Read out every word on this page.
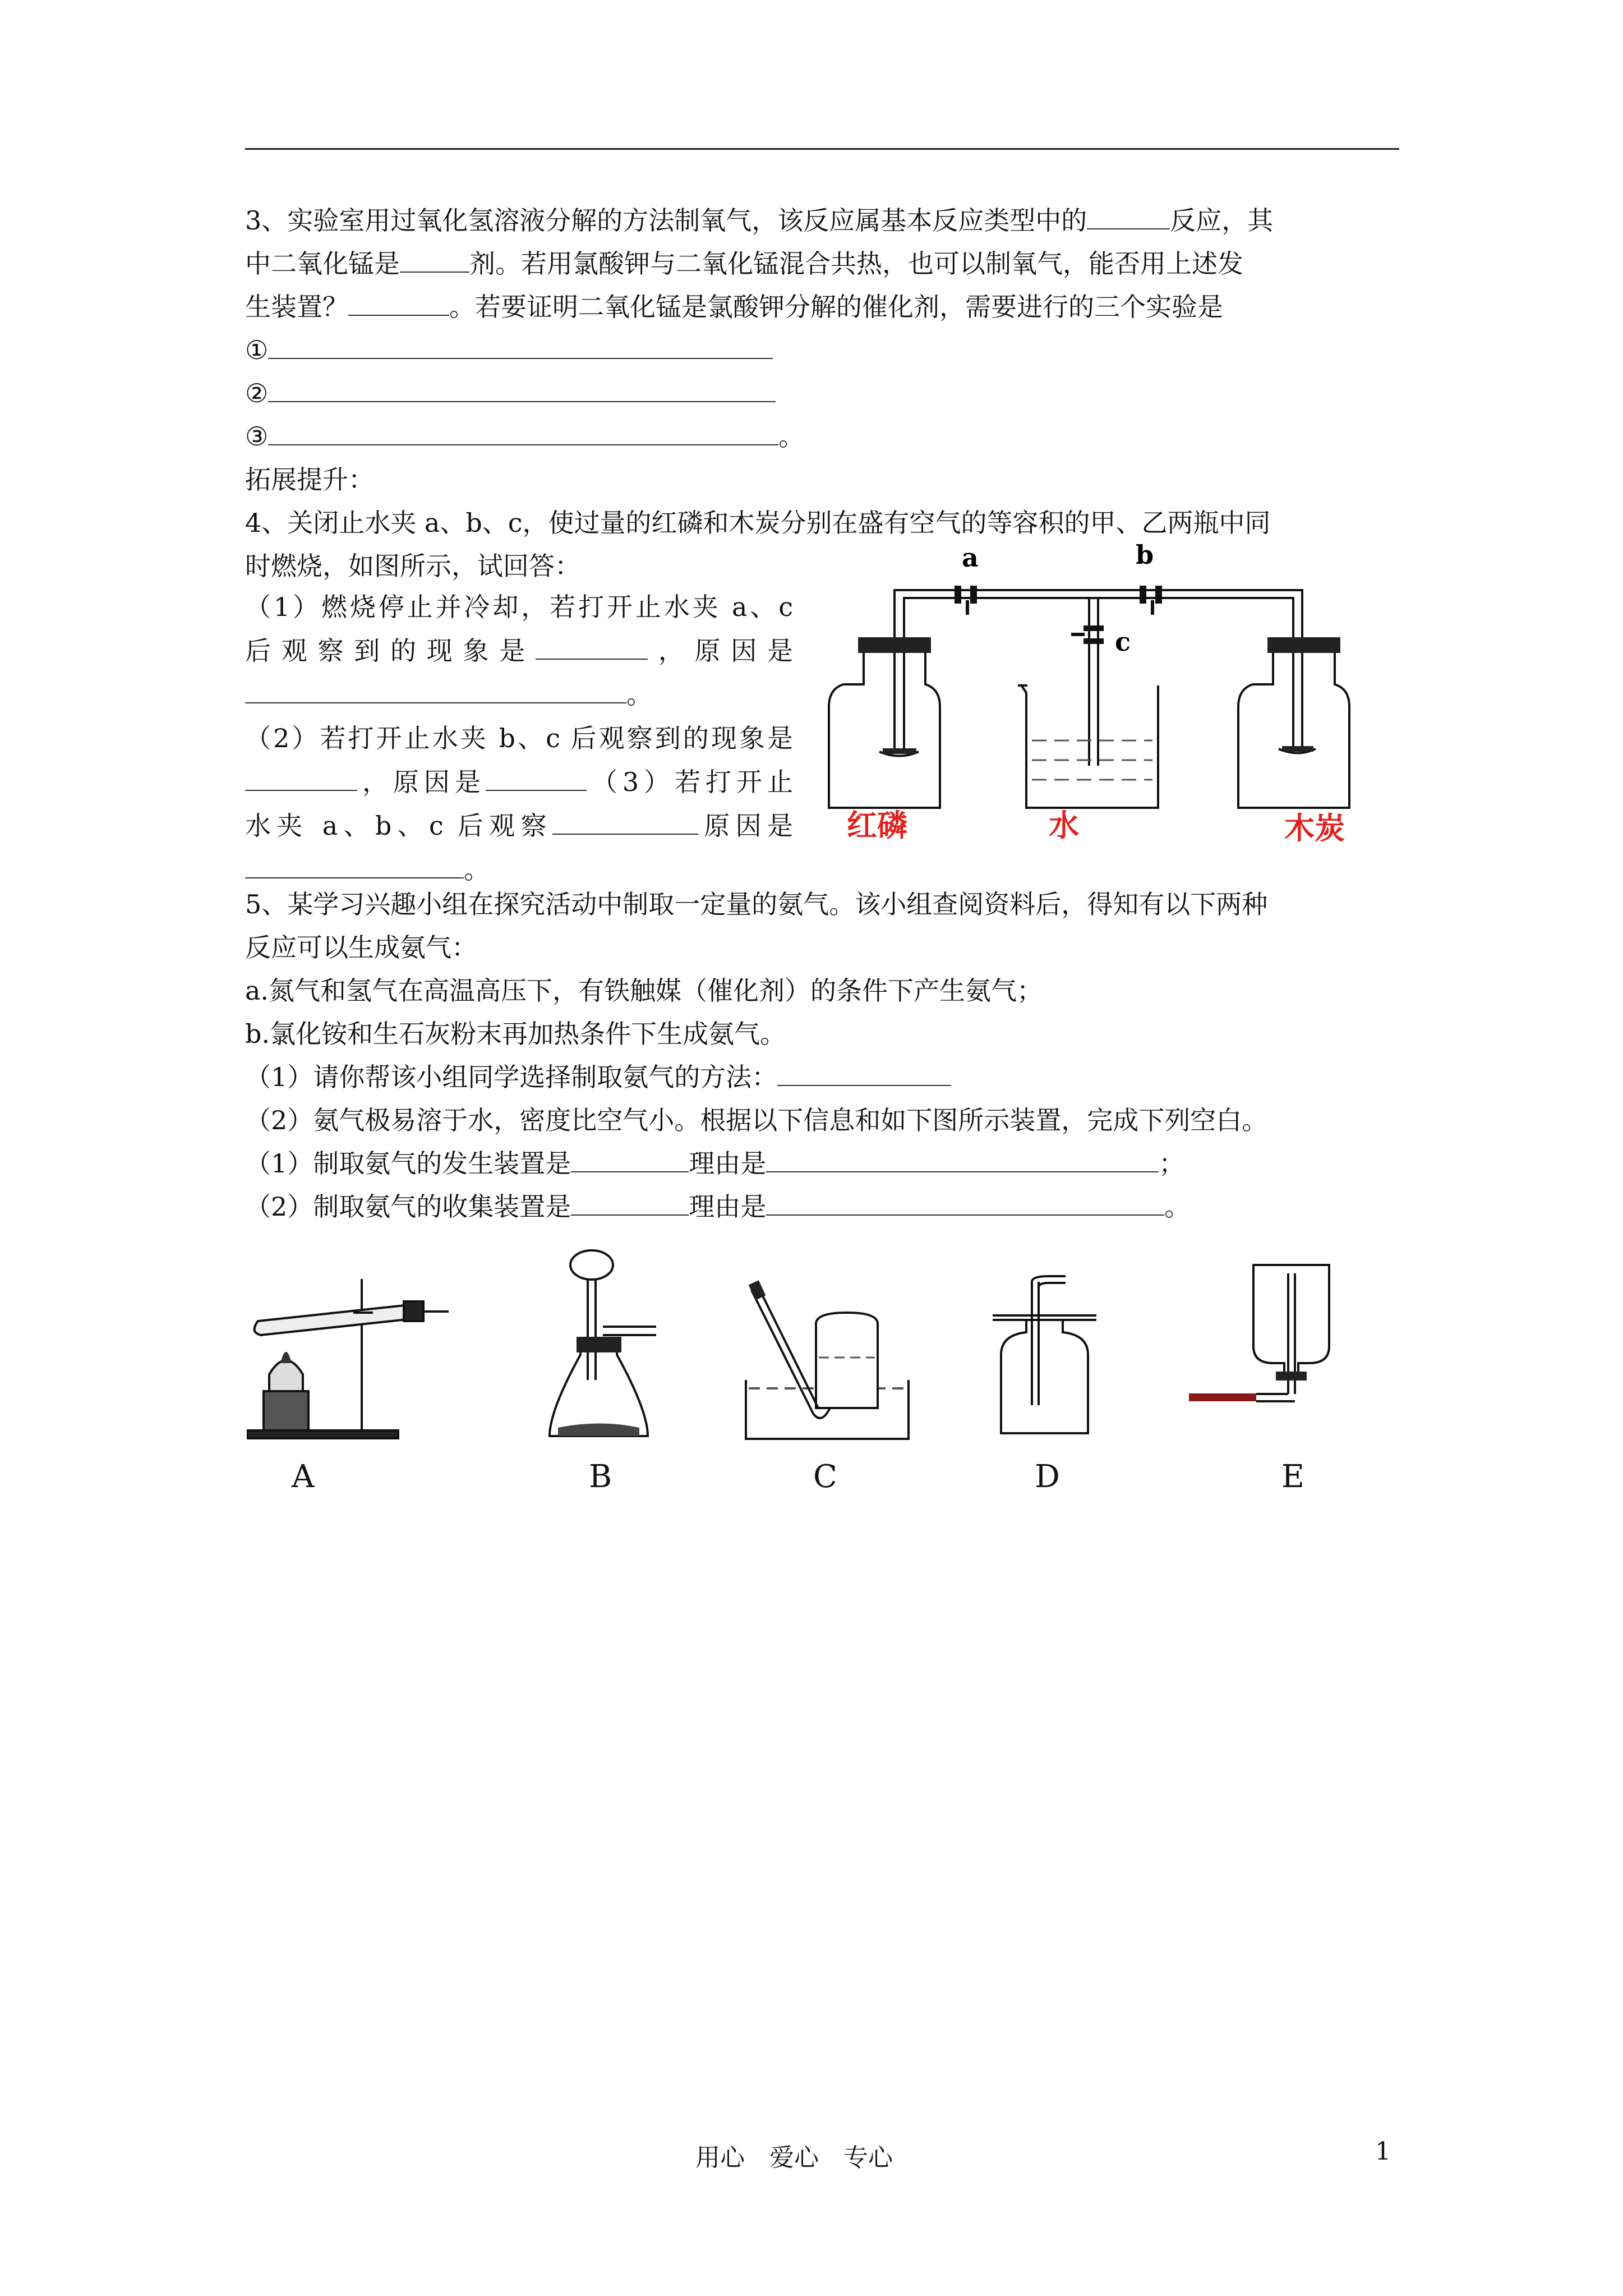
3、实验室用过氧化氢溶液分解的方法制氧气，该反应属基本反应类型中的	反应，其
中二氧化锰是	剂。若用氯酸钾与二氧化锰混合共热，也可以制氧气，能否用上述发
生装置？	。若要证明二氧化锰是氯酸钾分解的催化剂，需要进行的三个实验是
①
②
③	。
拓展提升：
4、关闭止水夹 a、b、c，使过量的红磷和木炭分别在盛有空气的等容积的甲、乙两瓶中同
时燃烧，如图所示，试回答：
（1）燃烧停止并冷却，若打开止水夹 a、c
后观察到的现象是	，原因是
。
（2）若打开止水夹 b、c 后观察到的现象是
，原因是	（3）若打开止
水夹 a、b、c 后观察	原因是
。
a	b
c
红磷	水	木炭
5、某学习兴趣小组在探究活动中制取一定量的氨气。该小组查阅资料后，得知有以下两种
反应可以生成氨气：
a.氮气和氢气在高温高压下，有铁触媒（催化剂）的条件下产生氨气；
b.氯化铵和生石灰粉末再加热条件下生成氨气。
（1）请你帮该小组同学选择制取氨气的方法：
（2）氨气极易溶于水，密度比空气小。根据以下信息和如下图所示装置，完成下列空白。
（1）制取氨气的发生装置是	理由是	；
（2）制取氨气的收集装置是	理由是	。
A	B	C	D	E
用心　爱心　专心	1
